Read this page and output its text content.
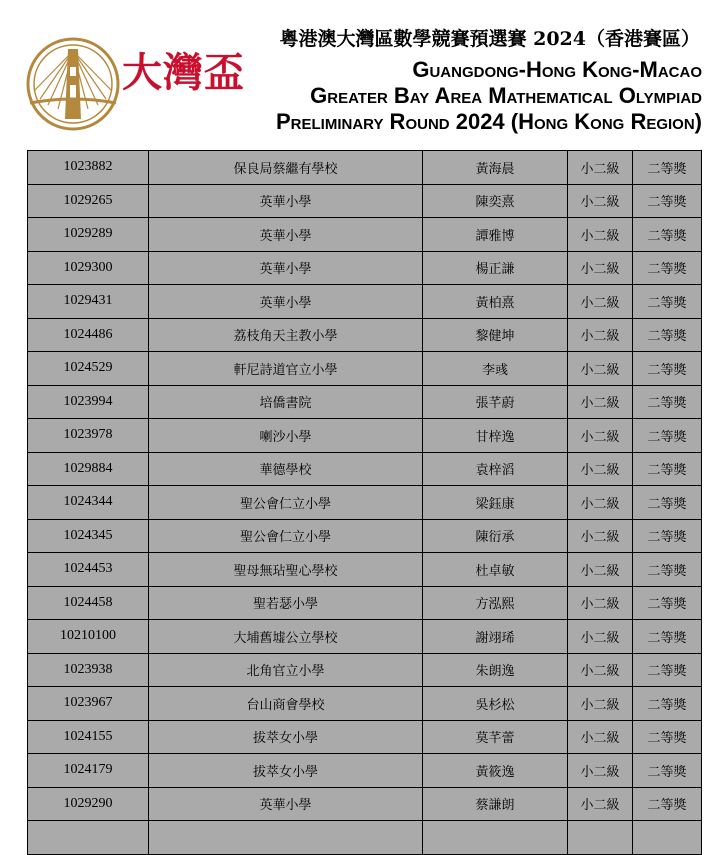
大灣盃
粵港澳大灣區數學競賽預選賽 2024（香港賽區）
Guangdong-Hong Kong-Macao
Greater Bay Area Mathematical Olympiad
Preliminary Round 2024 (Hong Kong Region)
1023882	保良局蔡繼有學校	黃海晨	小二級	二等獎
1029265	英華小學	陳奕熹	小二級	二等獎
1029289	英華小學	譚雅博	小二級	二等獎
1029300	英華小學	楊正謙	小二級	二等獎
1029431	英華小學	黃柏熹	小二級	二等獎
1024486	荔枝角天主教小學	黎健坤	小二級	二等獎
1024529	軒尼詩道官立小學	李彧	小二級	二等獎
1023994	培僑書院	張芊蔚	小二級	二等獎
1023978	喇沙小學	甘梓逸	小二級	二等獎
1029884	華德學校	袁梓滔	小二級	二等獎
1024344	聖公會仁立小學	梁鈺康	小二級	二等獎
1024345	聖公會仁立小學	陳衍承	小二級	二等獎
1024453	聖母無玷聖心學校	杜卓敏	小二級	二等獎
1024458	聖若瑟小學	方泓熙	小二級	二等獎
10210100	大埔舊墟公立學校	謝翊琋	小二級	二等獎
1023938	北角官立小學	朱朗逸	小二級	二等獎
1023967	台山商會學校	吳杉松	小二級	二等獎
1024155	拔萃女小學	莫芊蕾	小二級	二等獎
1024179	拔萃女小學	黃筱逸	小二級	二等獎
1029290	英華小學	蔡謙朗	小二級	二等獎
